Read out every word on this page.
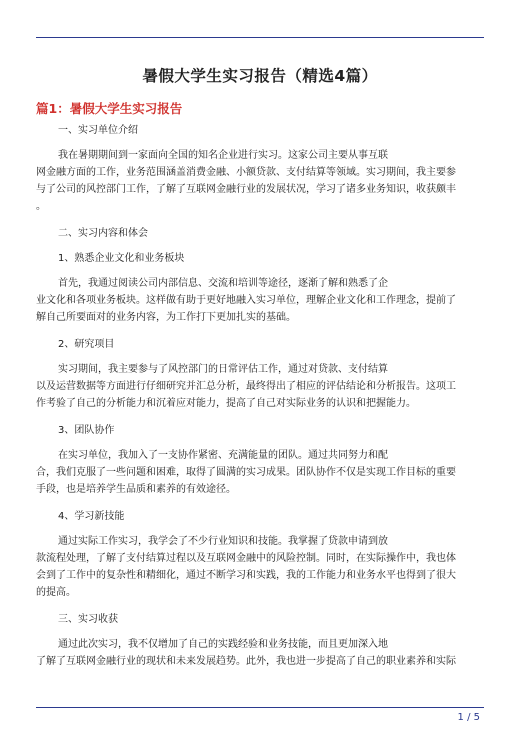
暑假大学生实习报告（精选4篇）
篇1：暑假大学生实习报告
一、实习单位介绍
我在暑期期间到一家面向全国的知名企业进行实习。这家公司主要从事互联
网金融方面的工作，业务范围涵盖消费金融、小额贷款、支付结算等领域。实习期间，我主要参
与了公司的风控部门工作，了解了互联网金融行业的发展状况，学习了诸多业务知识，收获颇丰
。
二、实习内容和体会
1、熟悉企业文化和业务板块
首先，我通过阅读公司内部信息、交流和培训等途径，逐渐了解和熟悉了企
业文化和各项业务板块。这样做有助于更好地融入实习单位，理解企业文化和工作理念，提前了
解自己所要面对的业务内容，为工作打下更加扎实的基础。
2、研究项目
实习期间，我主要参与了风控部门的日常评估工作，通过对贷款、支付结算
以及运营数据等方面进行仔细研究并汇总分析，最终得出了相应的评估结论和分析报告。这项工
作考验了自己的分析能力和沉着应对能力，提高了自己对实际业务的认识和把握能力。
3、团队协作
在实习单位，我加入了一支协作紧密、充满能量的团队。通过共同努力和配
合，我们克服了一些问题和困难，取得了圆满的实习成果。团队协作不仅是实现工作目标的重要
手段，也是培养学生品质和素养的有效途径。
4、学习新技能
通过实际工作实习，我学会了不少行业知识和技能。我掌握了贷款申请到放
款流程处理，了解了支付结算过程以及互联网金融中的风险控制。同时，在实际操作中，我也体
会到了工作中的复杂性和精细化，通过不断学习和实践，我的工作能力和业务水平也得到了很大
的提高。
三、实习收获
通过此次实习，我不仅增加了自己的实践经验和业务技能，而且更加深入地
了解了互联网金融行业的现状和未来发展趋势。此外，我也进一步提高了自己的职业素养和实际
1 / 5
